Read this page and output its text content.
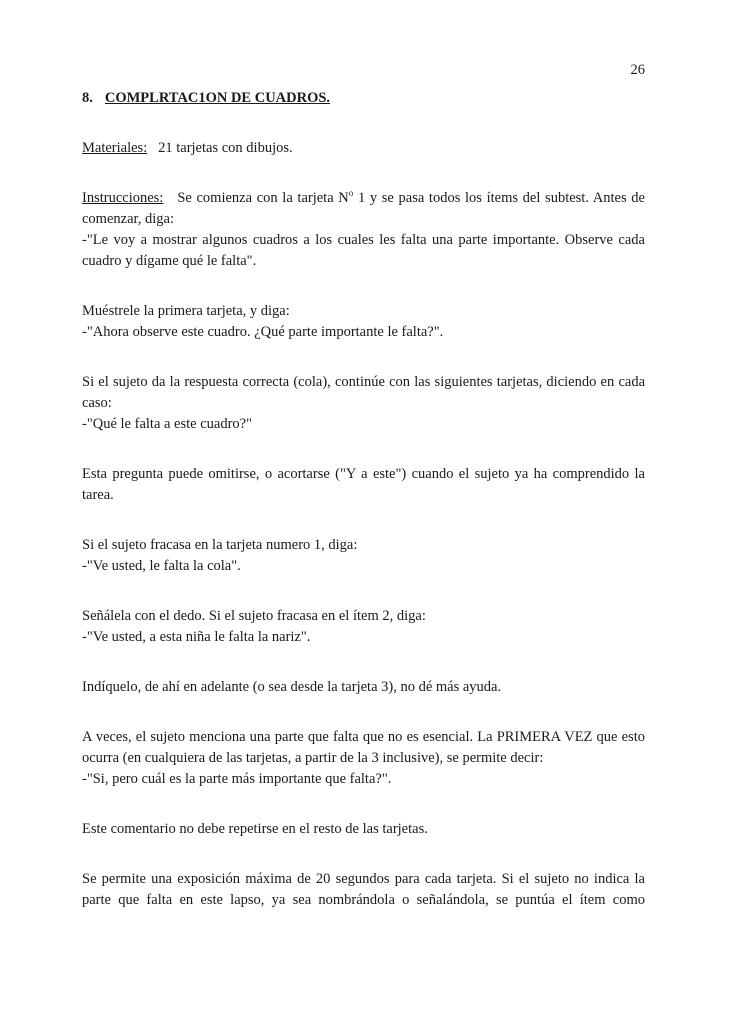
26
8. COMPLRTAC1ON DE CUADROS.

Materiales: 21 tarjetas con dibujos.

Instrucciones: Se comienza con la tarjeta $N^o$ 1 y se pasa todos los ítems del subtest. Antes de comenzar, diga:

-"Le voy a mostrar algunos cuadros a los cuales les falta una parte importante. Observe cada cuadro y dígame qué le falta".

Muéstrele la primera tarjeta, y diga:

-"Ahora observe este cuadro. ¿Qué parte importante le falta?".

Si el sujeto da la respuesta correcta (cola), continúe con las siguientes tarjetas, diciendo en cada caso:

-"Qué le falta a este cuadro?"

Esta pregunta puede omitirse, o acortarse ("Y a este") cuando el sujeto ya ha comprendido la tarea.

Si el sujeto fracasa en la tarjeta numero 1, diga:

-"Ve usted, le falta la cola".

Señálela con el dedo. Si el sujeto fracasa en el ítem 2, diga:

-"Ve usted, a esta niña le falta la nariz".

Indíquelo, de ahí en adelante (o sea desde la tarjeta 3), no dé más ayuda.

A veces, el sujeto menciona una parte que falta que no es esencial. La PRIMERA VEZ que esto ocurra (en cualquiera de las tarjetas, a partir de la 3 inclusive), se permite decir:

-"Si, pero cuál es la parte más importante que falta?".

Este comentario no debe repetirse en el resto de las tarjetas.

Se permite una exposición máxima de 20 segundos para cada tarjeta. Si el sujeto no indica la parte que falta en este lapso, ya sea nombrándola o señalándola, se puntúa el ítem como
